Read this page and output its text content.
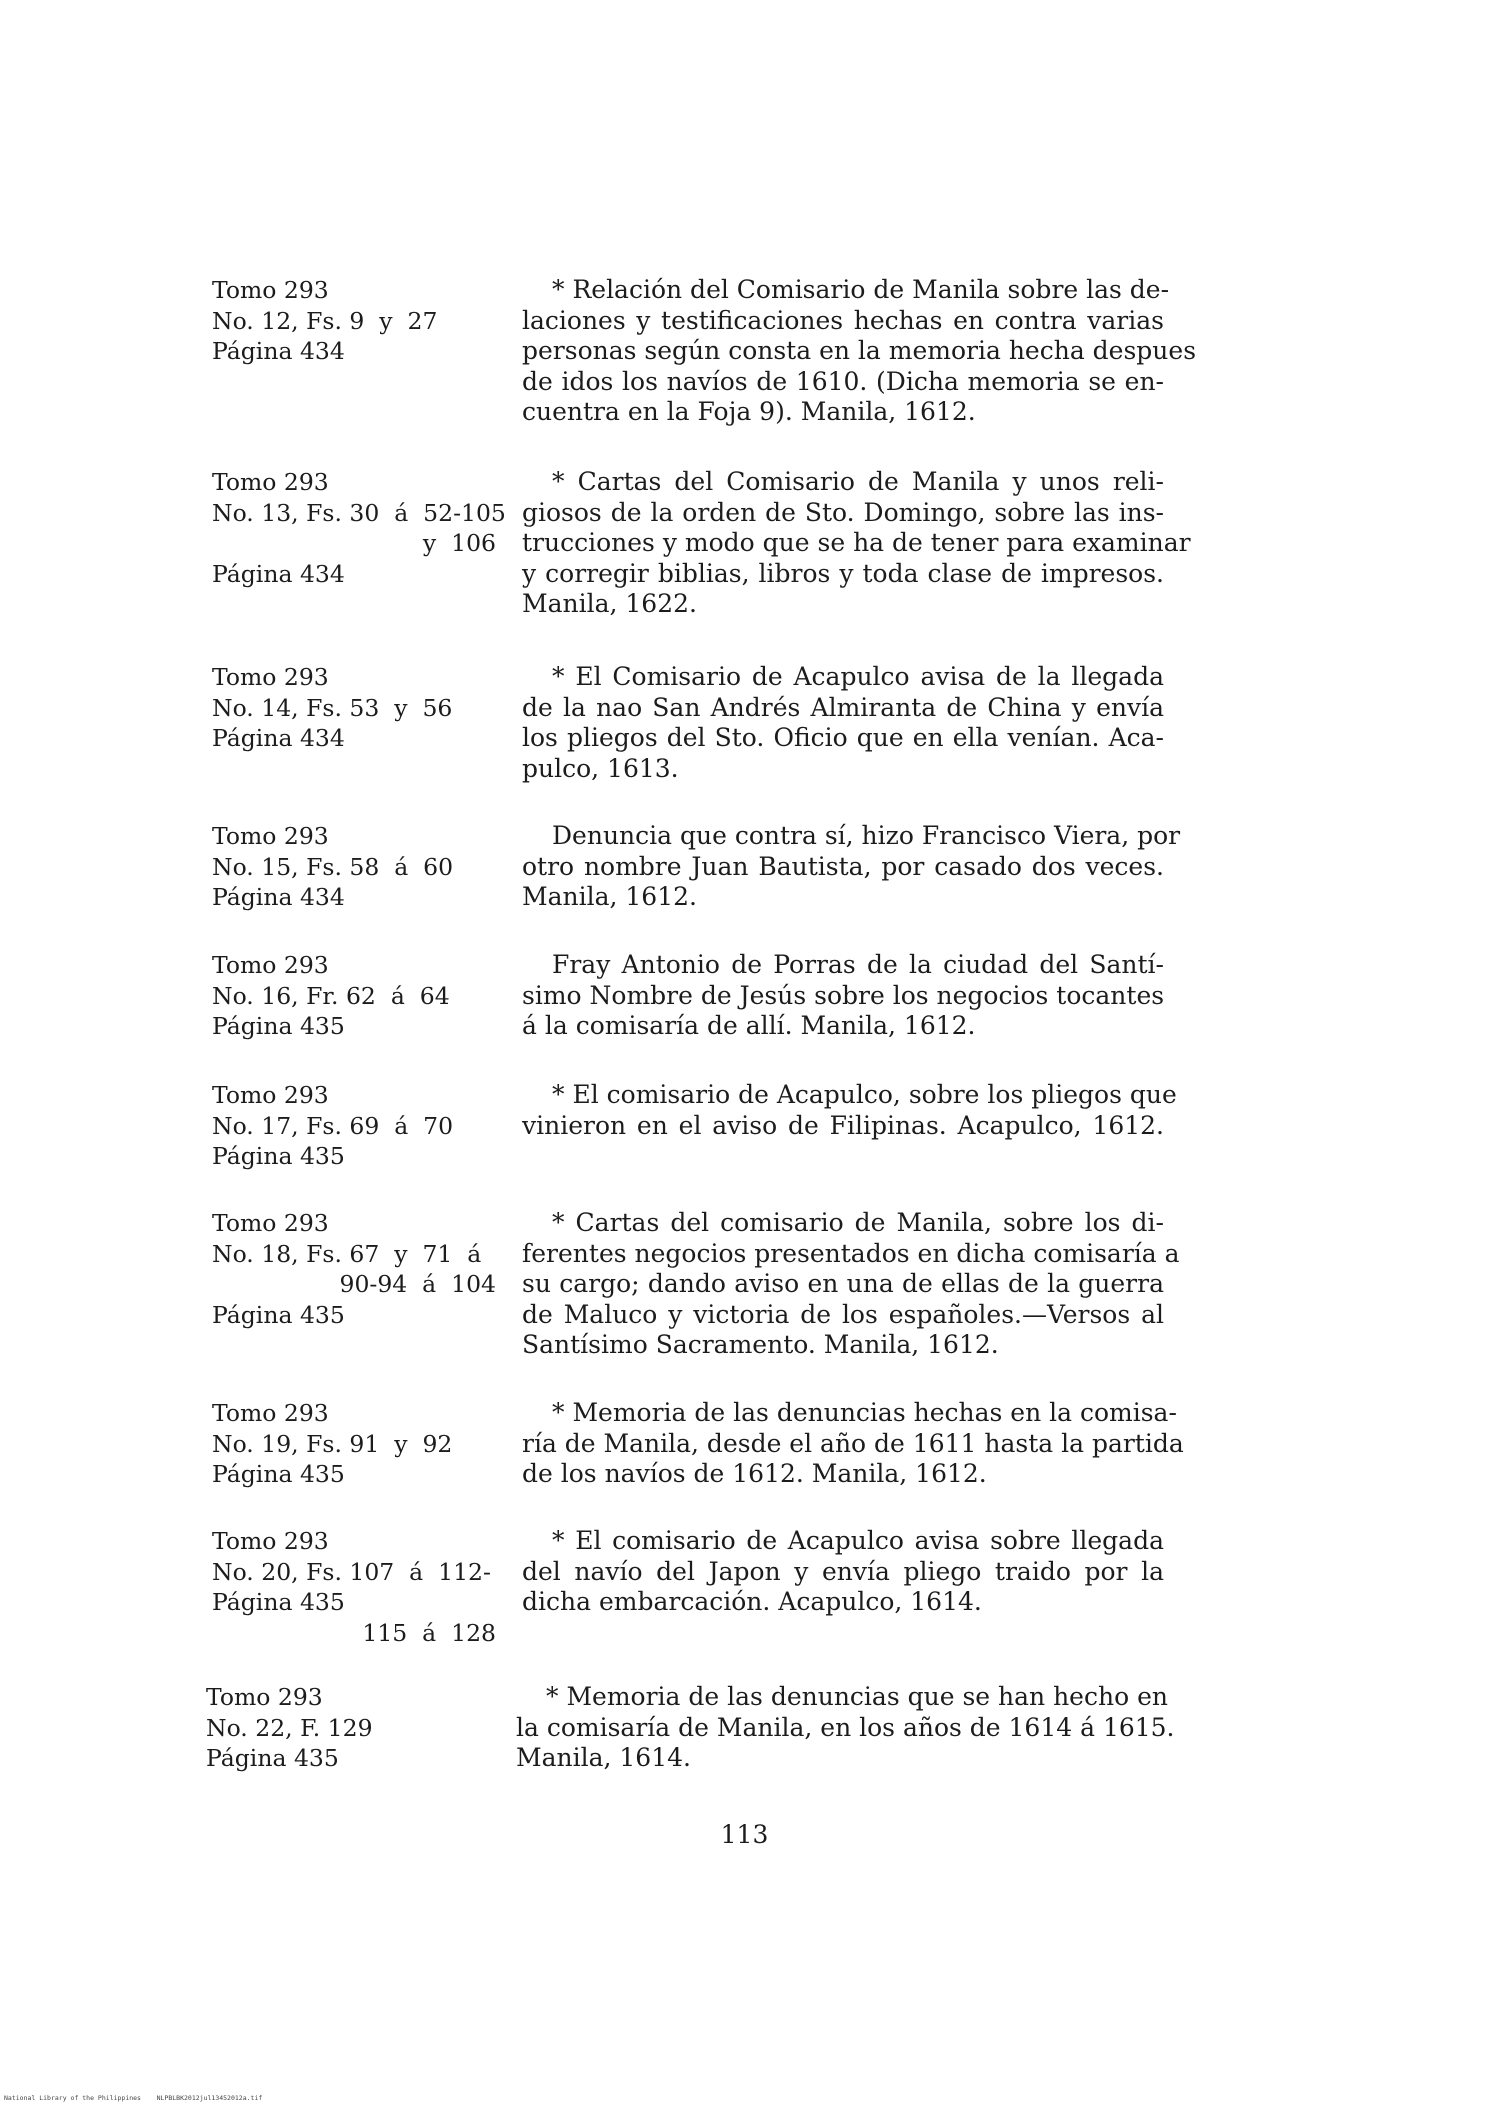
Tomo 293
No. 12, Fs. 9  y  27
Página 434
* Relación del Comisario de Manila sobre las de-
laciones y testificaciones hechas en contra varias
personas según consta en la memoria hecha despues
de idos los navíos de 1610. (Dicha memoria se en-
cuentra en la Foja 9). Manila, 1612.
Tomo 293
No. 13, Fs. 30  á  52-105
y  106
Página 434
* Cartas del Comisario de Manila y unos reli-
giosos de la orden de Sto. Domingo, sobre las ins-
trucciones y modo que se ha de tener para examinar
y corregir biblias, libros y toda clase de impresos.
Manila, 1622.
Tomo 293
No. 14, Fs. 53  y  56
Página 434
* El Comisario de Acapulco avisa de la llegada
de la nao San Andrés Almiranta de China y envía
los pliegos del Sto. Oficio que en ella venían. Aca-
pulco, 1613.
Tomo 293
No. 15, Fs. 58  á  60
Página 434
Denuncia que contra sí, hizo Francisco Viera, por
otro nombre Juan Bautista, por casado dos veces.
Manila, 1612.
Tomo 293
No. 16, Fr. 62  á  64
Página 435
Fray Antonio de Porras de la ciudad del Santí-
simo Nombre de Jesús sobre los negocios tocantes
á la comisaría de allí. Manila, 1612.
Tomo 293
No. 17, Fs. 69  á  70
Página 435
* El comisario de Acapulco, sobre los pliegos que
vinieron en el aviso de Filipinas. Acapulco, 1612.
Tomo 293
No. 18, Fs. 67  y  71  á
90-94  á  104
Página 435
* Cartas del comisario de Manila, sobre los di-
ferentes negocios presentados en dicha comisaría a
su cargo; dando aviso en una de ellas de la guerra
de Maluco y victoria de los españoles.—Versos al
Santísimo Sacramento. Manila, 1612.
Tomo 293
No. 19, Fs. 91  y  92
Página 435
* Memoria de las denuncias hechas en la comisa-
ría de Manila, desde el año de 1611 hasta la partida
de los navíos de 1612. Manila, 1612.
Tomo 293
No. 20, Fs. 107  á  112-
Página 435
115  á  128
* El comisario de Acapulco avisa sobre llegada
del navío del Japon y envía pliego traido por la
dicha embarcación. Acapulco, 1614.
Tomo 293
No. 22, F. 129
Página 435
* Memoria de las denuncias que se han hecho en
la comisaría de Manila, en los años de 1614 á 1615.
Manila, 1614.
113
National Library of the Philippines    NLPBLBK2012jul13452012a.tif
